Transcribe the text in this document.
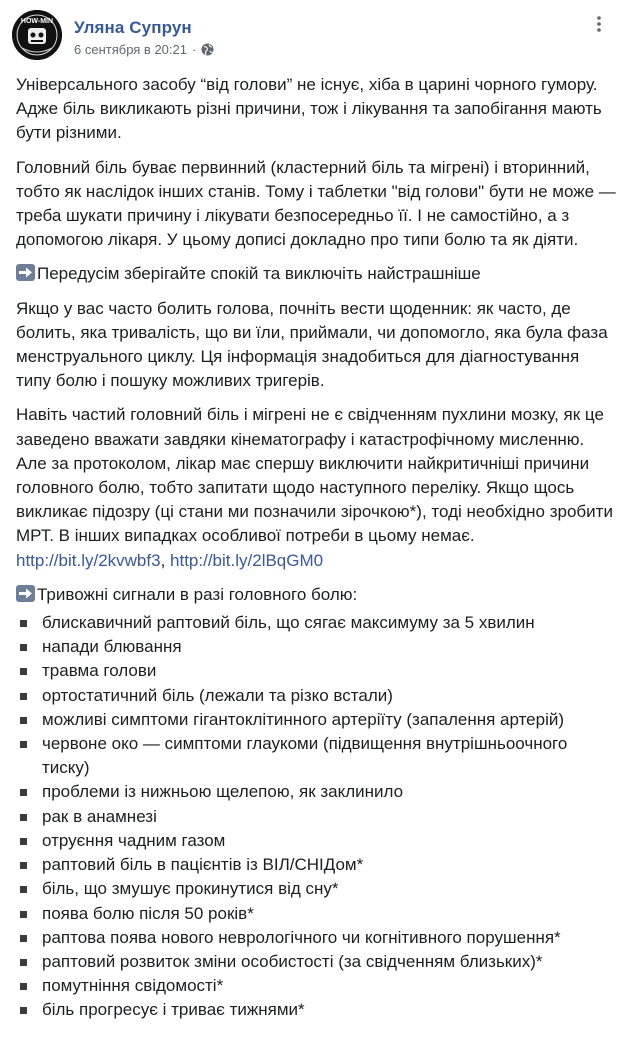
HOW-MIN Уляна Супрун
6 сентября в 20:21 ·

Універсального засобу “від голови” не існує, хіба в царині чорного гумору. Адже біль викликають різні причини, тож і лікування та запобігання мають бути різними.

Головний біль буває первинний (кластерний біль та мігрені) і вторинний, тобто як наслідок інших станів. Тому і таблетки "від голови" бути не може — треба шукати причину і лікувати безпосередньо її. І не самостійно, а з допомогою лікаря. У цьому дописі докладно про типи болю та як діяти.

Передусім зберігайте спокій та виключіть найстрашніше

Якщо у вас часто болить голова, почніть вести щоденник: як часто, де болить, яка тривалість, що ви їли, приймали, чи допомогло, яка була фаза менструального циклу. Ця інформація знадобиться для діагностування типу болю і пошуку можливих тригерів.

Навіть частий головний біль і мігрені не є свідченням пухлини мозку, як це заведено вважати завдяки кінематографу і катастрофічному мисленню. Але за протоколом, лікар має спершу виключити найкритичніші причини головного болю, тобто запитати щодо наступного переліку. Якщо щось викликає підозру (ці стани ми позначили зірочкою*), тоді необхідно зробити МРТ. В інших випадках особливої потреби в цьому немає. http://bit.ly/2kvwbf3, http://bit.ly/2lBqGM0

Тривожні сигнали в разі головного болю:

блискавичний раптовий біль, що сягає максимуму за 5 хвилин
напади блювання
травма голови
ортостатичний біль (лежали та різко встали)
можливі симптоми гігантоклітинного артеріїту (запалення артерій)
червоне око — симптоми глаукоми (підвищення внутрішньоочного тиску)
проблеми із нижньою щелепою, як заклинило
рак в анамнезі
отруєння чадним газом
раптовий біль в пацієнтів із ВІЛ/СНІДом*
біль, що змушує прокинутися від сну*
поява болю після 50 років*
раптова поява нового неврологічного чи когнітивного порушення*
раптовий розвиток зміни особистості (за свідченням близьких)*
помутніння свідомості*
біль прогресує і триває тижнями*
